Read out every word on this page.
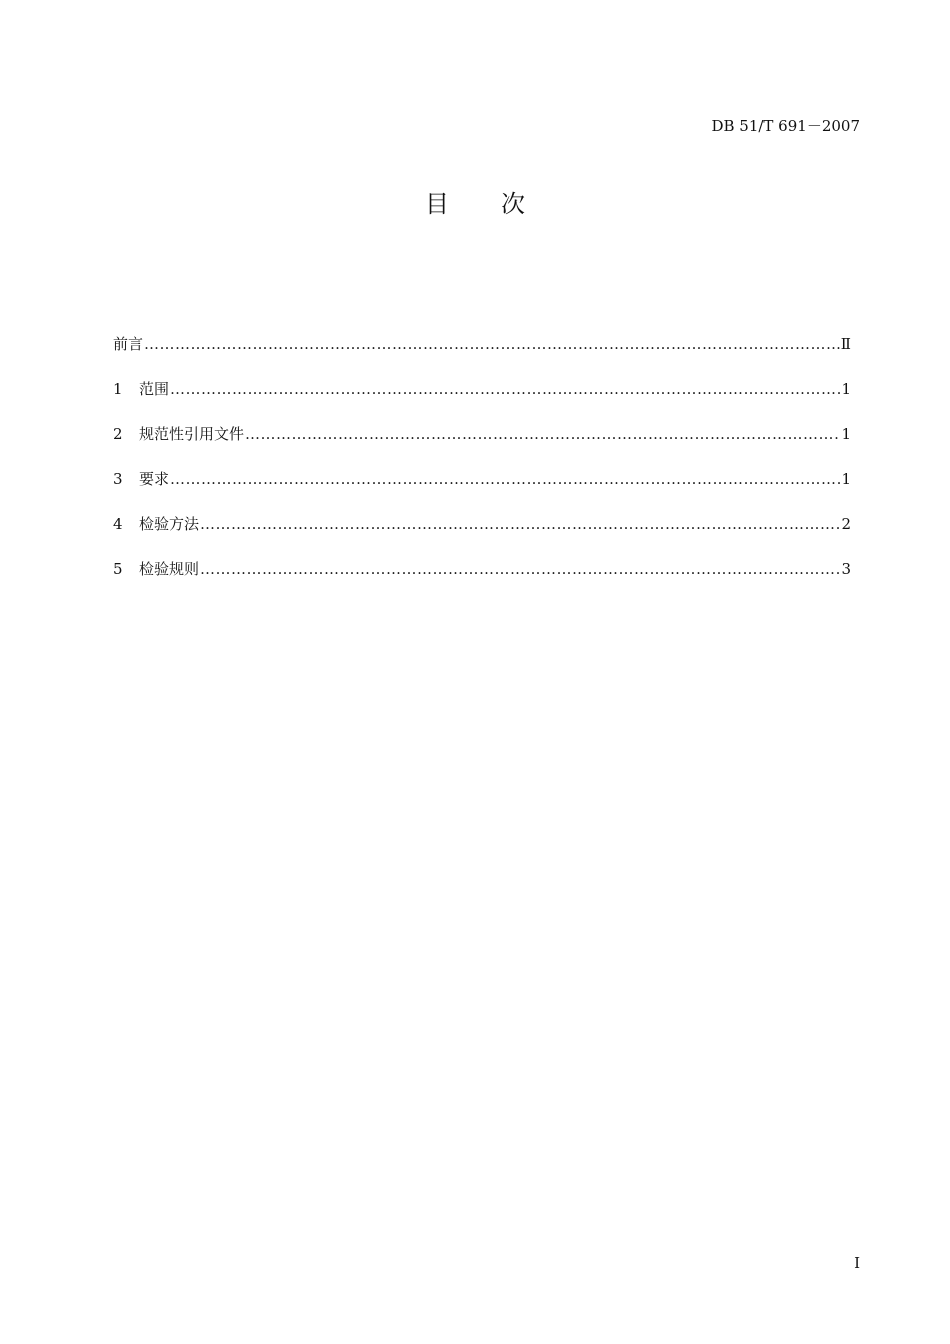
DB 51/T 691－2007
目 次
前言 ………………………………………………………………………………………………………………………………………………………………………………………………………………………………………………	Ⅱ
1	范围 ………………………………………………………………………………………………………………………………………………………………………………………………………………………………………………	1
2	规范性引用文件 ………………………………………………………………………………………………………………………………………………………………………………………………………………………………………………	1
3	要求 ………………………………………………………………………………………………………………………………………………………………………………………………………………………………………………	1
4	检验方法 ………………………………………………………………………………………………………………………………………………………………………………………………………………………………………………	2
5	检验规则 ………………………………………………………………………………………………………………………………………………………………………………………………………………………………………………	3
I
